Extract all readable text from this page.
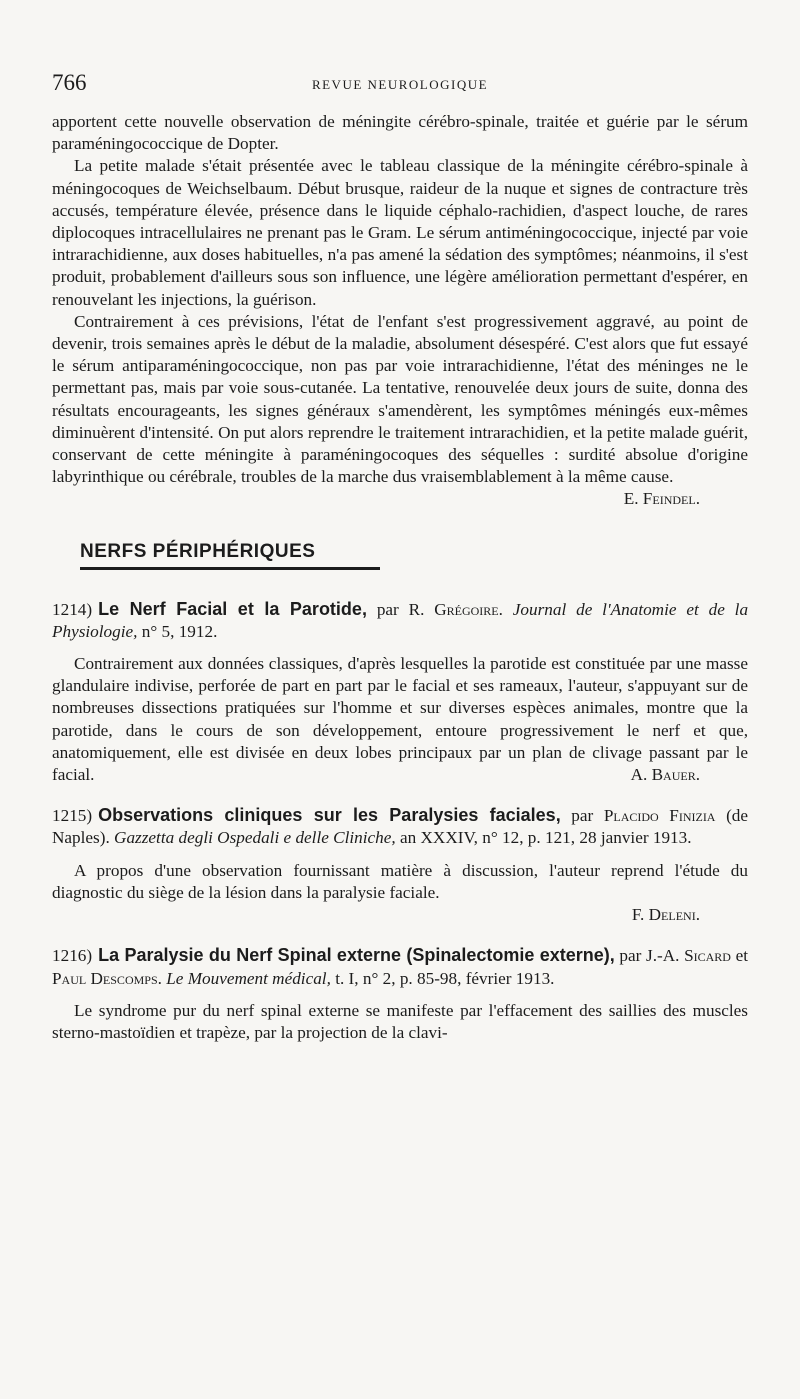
766	REVUE NEUROLOGIQUE

apportent cette nouvelle observation de méningite cérébro-spinale, traitée et guérie par le sérum paraméningococcique de Dopter.

La petite malade s'était présentée avec le tableau classique de la méningite cérébro-spinale à méningocoques de Weichselbaum. Début brusque, raideur de la nuque et signes de contracture très accusés, température élevée, présence dans le liquide céphalo-rachidien, d'aspect louche, de rares diplocoques intracellulaires ne prenant pas le Gram. Le sérum antiméningococcique, injecté par voie intrarachidienne, aux doses habituelles, n'a pas amené la sédation des symptômes; néanmoins, il s'est produit, probablement d'ailleurs sous son influence, une légère amélioration permettant d'espérer, en renouvelant les injections, la guérison.

Contrairement à ces prévisions, l'état de l'enfant s'est progressivement aggravé, au point de devenir, trois semaines après le début de la maladie, absolument désespéré. C'est alors que fut essayé le sérum antiparaméningococcique, non pas par voie intrarachidienne, l'état des méninges ne le permettant pas, mais par voie sous-cutanée. La tentative, renouvelée deux jours de suite, donna des résultats encourageants, les signes généraux s'amendèrent, les symptômes méningés eux-mêmes diminuèrent d'intensité. On put alors reprendre le traitement intrarachidien, et la petite malade guérit, conservant de cette méningite à paraméningocoques des séquelles : surdité absolue d'origine labyrinthique ou cérébrale, troubles de la marche dus vraisemblablement à la même cause.
E. Feindel.

NERFS PÉRIPHÉRIQUES

1214) Le Nerf Facial et la Parotide, par R. Grégoire. Journal de l'Anatomie et de la Physiologie, n° 5, 1912.

Contrairement aux données classiques, d'après lesquelles la parotide est constituée par une masse glandulaire indivise, perforée de part en part par le facial et ses rameaux, l'auteur, s'appuyant sur de nombreuses dissections pratiquées sur l'homme et sur diverses espèces animales, montre que la parotide, dans le cours de son développement, entoure progressivement le nerf et que, anatomiquement, elle est divisée en deux lobes principaux par un plan de clivage passant par le facial.	A. Bauer.

1215) Observations cliniques sur les Paralysies faciales, par Placido Finizia (de Naples). Gazzetta degli Ospedali e delle Cliniche, an XXXIV, n° 12, p. 121, 28 janvier 1913.

A propos d'une observation fournissant matière à discussion, l'auteur reprend l'étude du diagnostic du siège de la lésion dans la paralysie faciale.

F. Deleni.

1216) La Paralysie du Nerf Spinal externe (Spinalectomie externe), par J.-A. Sicard et Paul Descomps. Le Mouvement médical, t. I, n° 2, p. 85-98, février 1913.

Le syndrome pur du nerf spinal externe se manifeste par l'effacement des saillies des muscles sterno-mastoïdien et trapèze, par la projection de la clavi-
